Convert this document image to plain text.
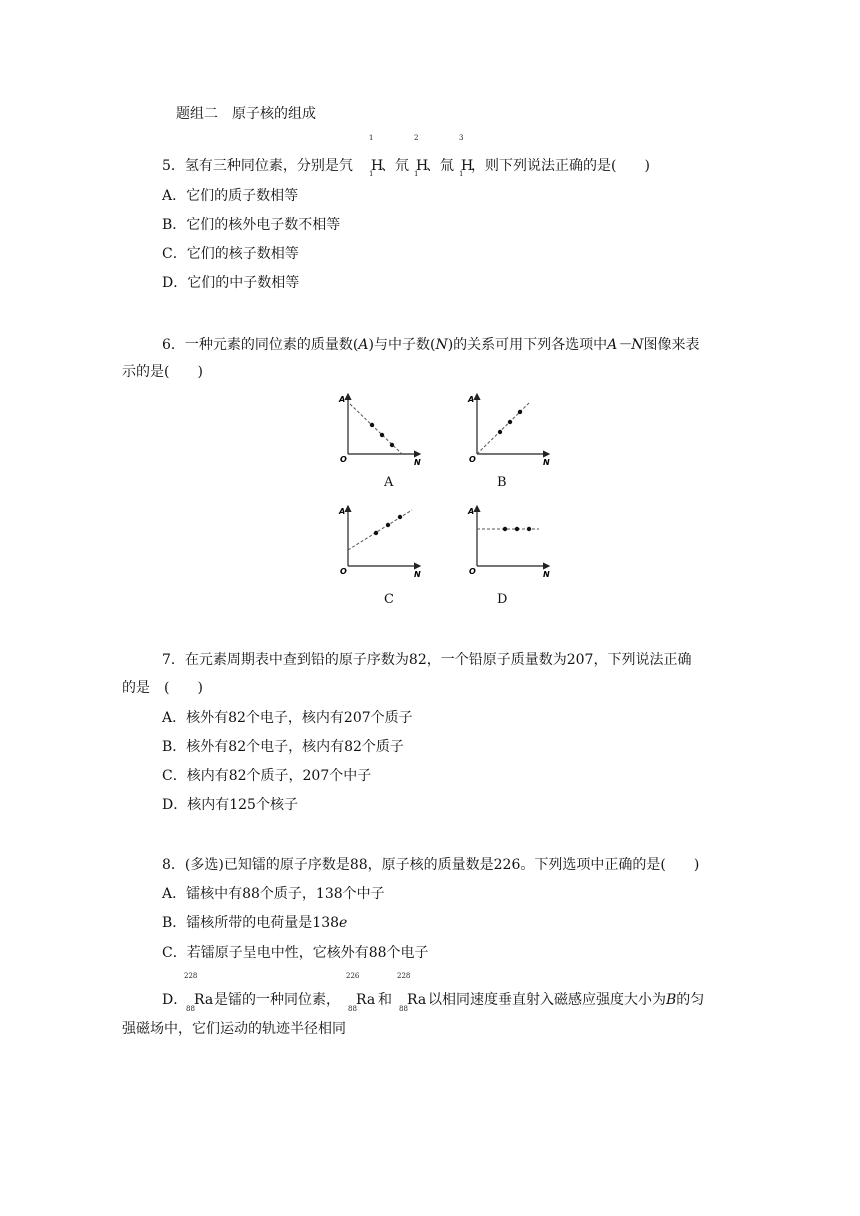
题组二　原子核的组成
5．氢有三种同位素，分别是氕
1
H
1 、 氘
2
H
1 、 氚
3
H
1 ，则下列说法正确的是(　　)
A．它们的质子数相等
B．它们的核外电子数不相等
C．它们的核子数相等
D．它们的中子数相等
6．一种元素的同位素的质量数(A)与中子数(N)的关系可用下列各选项中A－N图像来表
示的是(　　)
A
O	N
A
A
O	N
B
A
O	N
C
A
O	N
D
7．在元素周期表中查到铅的原子序数为82，一个铅原子质量数为207，下列说法正确
的是　(　　)
A．核外有82个电子，核内有207个质子
B．核外有82个电子，核内有82个质子
C．核内有82个质子，207个中子
D．核内有125个核子
8．(多选)已知镭的原子序数是88，原子核的质量数是226。下列选项中正确的是(　　)
A．镭核中有88个质子，138个中子
B．镭核所带的电荷量是138e
C．若镭原子呈电中性，它核外有88个电子
D．
228
Ra
88
是镭的一种同位素，
226
Ra
88
和
228
Ra
88
以相同速度垂直射入磁感应强度大小为B的匀
强磁场中，它们运动的轨迹半径相同
